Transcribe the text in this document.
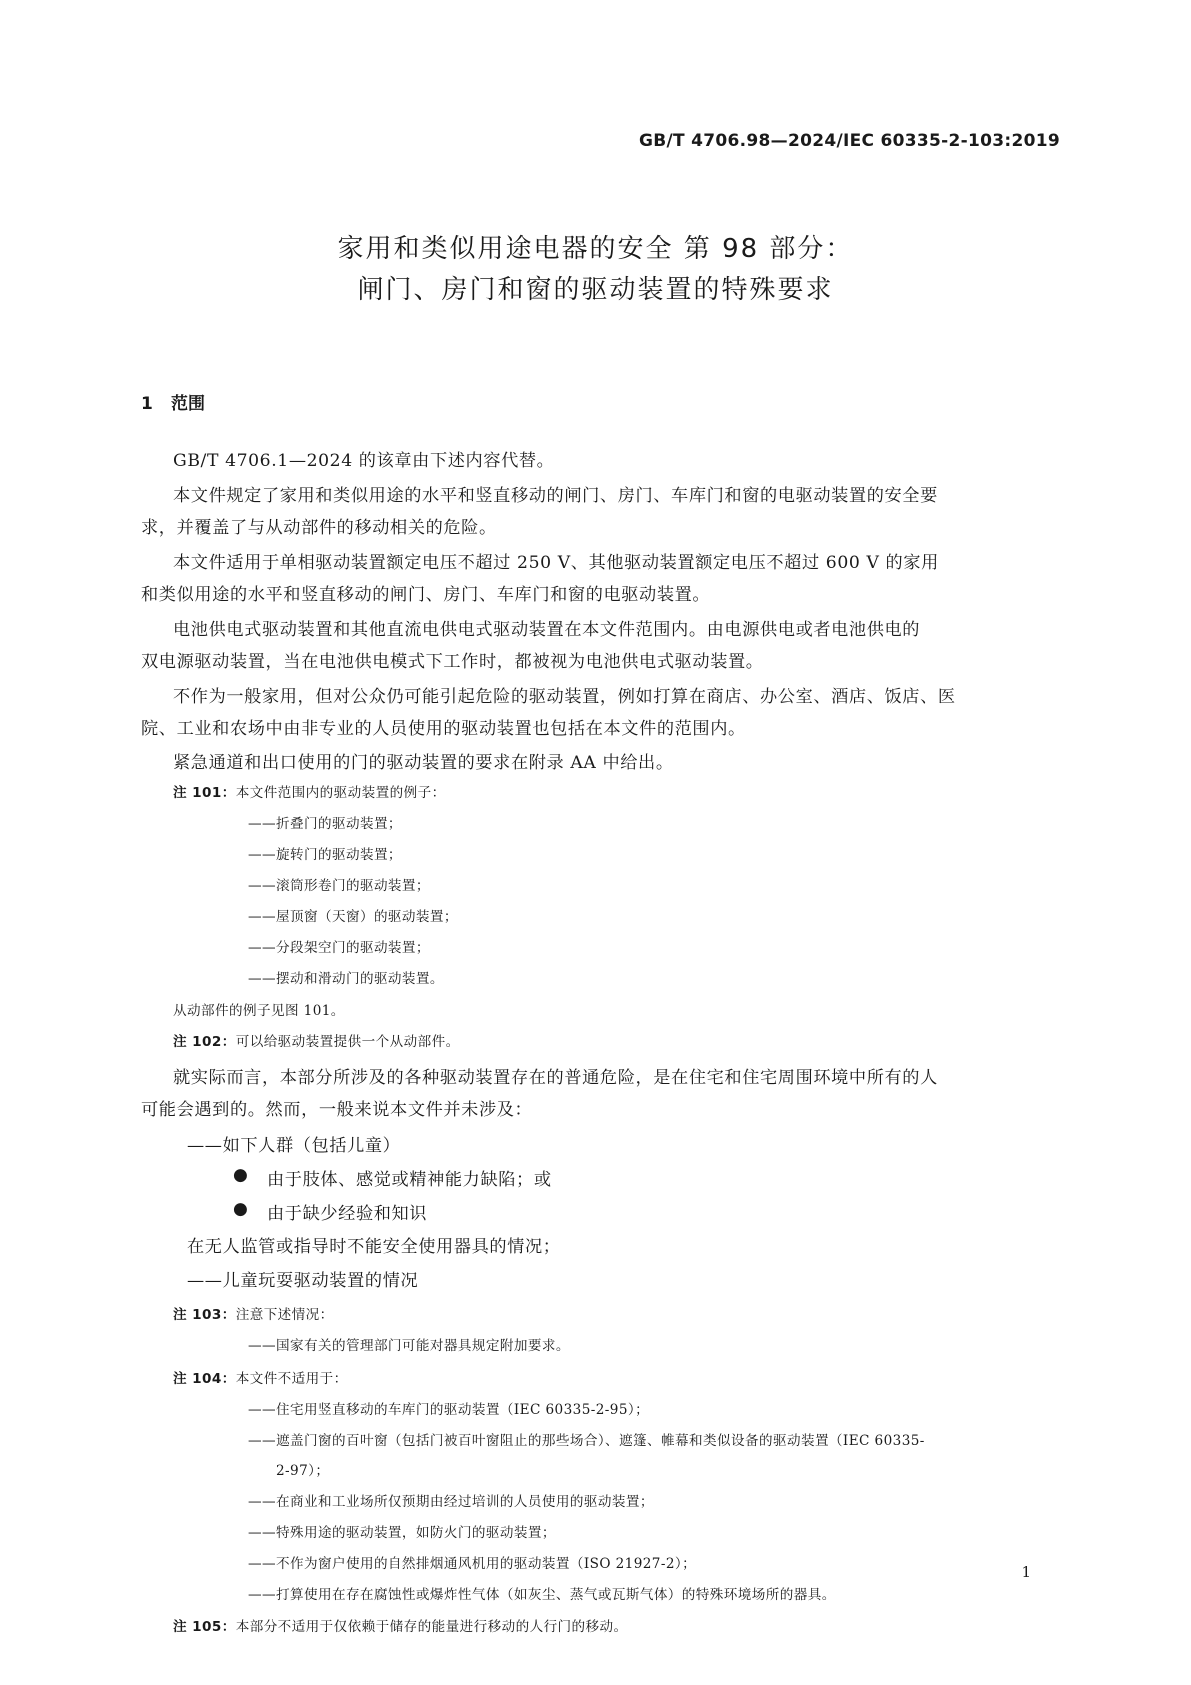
GB/T 4706.98—2024/IEC 60335-2-103:2019
家用和类似用途电器的安全 第 98 部分：
闸门、房门和窗的驱动装置的特殊要求
1 范围
GB/T 4706.1—2024 的该章由下述内容代替。
本文件规定了家用和类似用途的水平和竖直移动的闸门、房门、车库门和窗的电驱动装置的安全要
求，并覆盖了与从动部件的移动相关的危险。
本文件适用于单相驱动装置额定电压不超过 250 V、其他驱动装置额定电压不超过 600 V 的家用
和类似用途的水平和竖直移动的闸门、房门、车库门和窗的电驱动装置。
电池供电式驱动装置和其他直流电供电式驱动装置在本文件范围内。由电源供电或者电池供电的
双电源驱动装置，当在电池供电模式下工作时，都被视为电池供电式驱动装置。
不作为一般家用，但对公众仍可能引起危险的驱动装置，例如打算在商店、办公室、酒店、饭店、医
院、工业和农场中由非专业的人员使用的驱动装置也包括在本文件的范围内。
紧急通道和出口使用的门的驱动装置的要求在附录 AA 中给出。
注 101：本文件范围内的驱动装置的例子：
——折叠门的驱动装置；
——旋转门的驱动装置；
——滚筒形卷门的驱动装置；
——屋顶窗（天窗）的驱动装置；
——分段架空门的驱动装置；
——摆动和滑动门的驱动装置。
从动部件的例子见图 101。
注 102：可以给驱动装置提供一个从动部件。
就实际而言，本部分所涉及的各种驱动装置存在的普通危险，是在住宅和住宅周围环境中所有的人
可能会遇到的。然而，一般来说本文件并未涉及：
——如下人群（包括儿童）
● 由于肢体、感觉或精神能力缺陷；或
● 由于缺少经验和知识
在无人监管或指导时不能安全使用器具的情况；
——儿童玩耍驱动装置的情况
注 103：注意下述情况：
——国家有关的管理部门可能对器具规定附加要求。
注 104：本文件不适用于：
——住宅用竖直移动的车库门的驱动装置（IEC 60335-2-95）；
——遮盖门窗的百叶窗（包括门被百叶窗阻止的那些场合）、遮篷、帷幕和类似设备的驱动装置（IEC 60335-
2-97）；
——在商业和工业场所仅预期由经过培训的人员使用的驱动装置；
——特殊用途的驱动装置，如防火门的驱动装置；
——不作为窗户使用的自然排烟通风机用的驱动装置（ISO 21927-2）；
——打算使用在存在腐蚀性或爆炸性气体（如灰尘、蒸气或瓦斯气体）的特殊环境场所的器具。
注 105：本部分不适用于仅依赖于储存的能量进行移动的人行门的移动。
1
